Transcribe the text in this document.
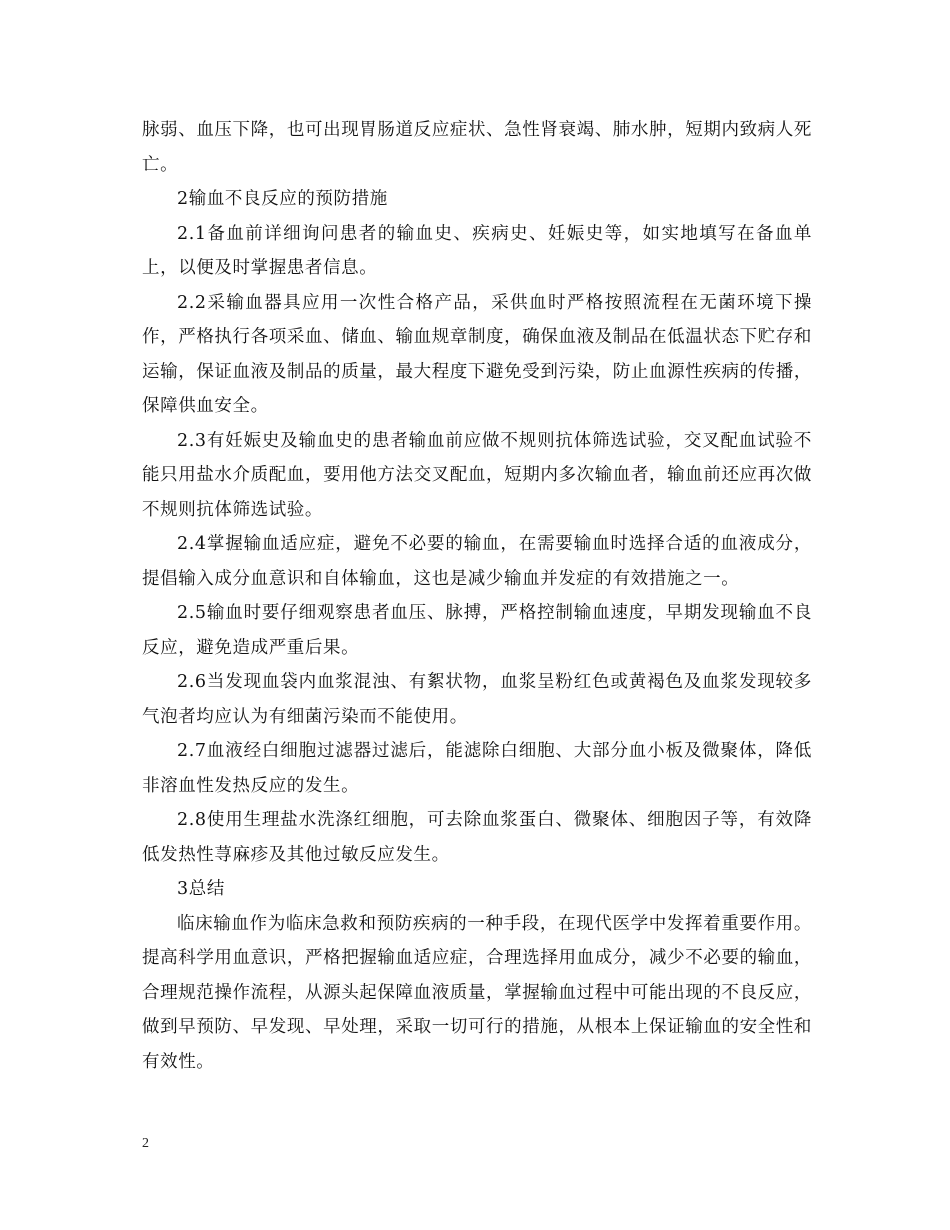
脉弱、血压下降，也可出现胃肠道反应症状、急性肾衰竭、肺水肿，短期内致病人死亡。

2输血不良反应的预防措施

2.1备血前详细询问患者的输血史、疾病史、妊娠史等，如实地填写在备血单上，以便及时掌握患者信息。

2.2采输血器具应用一次性合格产品，采供血时严格按照流程在无菌环境下操作，严格执行各项采血、储血、输血规章制度，确保血液及制品在低温状态下贮存和运输，保证血液及制品的质量，最大程度下避免受到污染，防止血源性疾病的传播，保障供血安全。

2.3有妊娠史及输血史的患者输血前应做不规则抗体筛选试验，交叉配血试验不能只用盐水介质配血，要用他方法交叉配血，短期内多次输血者，输血前还应再次做不规则抗体筛选试验。

2.4掌握输血适应症，避免不必要的输血，在需要输血时选择合适的血液成分，提倡输入成分血意识和自体输血，这也是减少输血并发症的有效措施之一。

2.5输血时要仔细观察患者血压、脉搏，严格控制输血速度，早期发现输血不良反应，避免造成严重后果。

2.6当发现血袋内血浆混浊、有絮状物，血浆呈粉红色或黄褐色及血浆发现较多气泡者均应认为有细菌污染而不能使用。

2.7血液经白细胞过滤器过滤后，能滤除白细胞、大部分血小板及微聚体，降低非溶血性发热反应的发生。

2.8使用生理盐水洗涤红细胞，可去除血浆蛋白、微聚体、细胞因子等，有效降低发热性荨麻疹及其他过敏反应发生。

3总结

临床输血作为临床急救和预防疾病的一种手段，在现代医学中发挥着重要作用。提高科学用血意识，严格把握输血适应症，合理选择用血成分，减少不必要的输血，合理规范操作流程，从源头起保障血液质量，掌握输血过程中可能出现的不良反应，做到早预防、早发现、早处理，采取一切可行的措施，从根本上保证输血的安全性和有效性。

2
